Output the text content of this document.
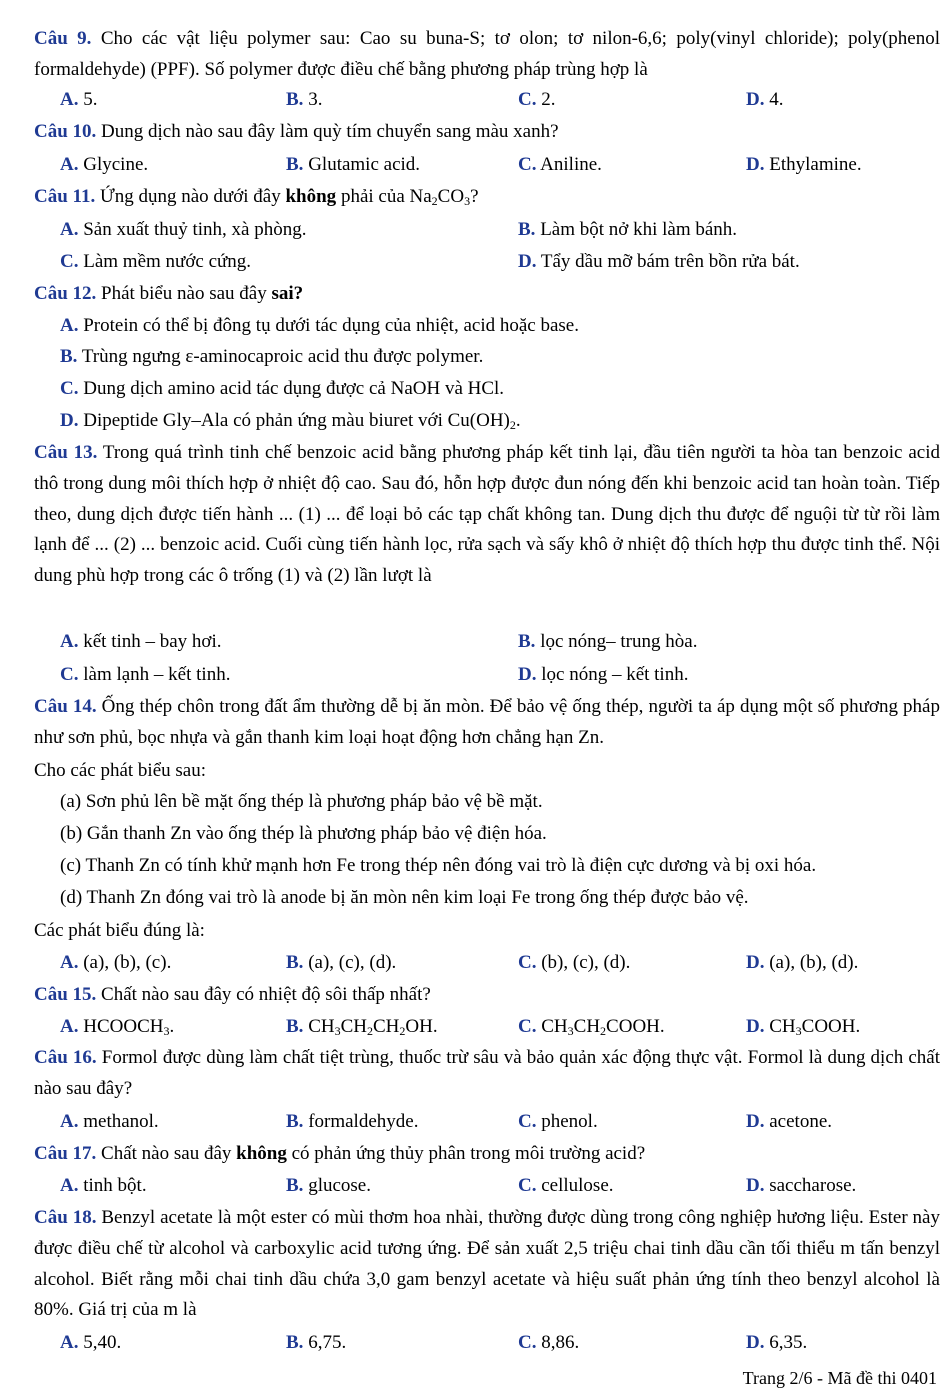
Câu 9. Cho các vật liệu polymer sau: Cao su buna-S; tơ olon; tơ nilon-6,6; poly(vinyl chloride); poly(phenol formaldehyde) (PPF). Số polymer được điều chế bằng phương pháp trùng hợp là
A. 5.	B. 3.	C. 2.	D. 4.
Câu 10. Dung dịch nào sau đây làm quỳ tím chuyển sang màu xanh?
A. Glycine.	B. Glutamic acid.	C. Aniline.	D. Ethylamine.
Câu 11. Ứng dụng nào dưới đây không phải của $Na_2CO_3$?
A. Sản xuất thuỷ tinh, xà phòng.	B. Làm bột nở khi làm bánh.
C. Làm mềm nước cứng.	D. Tẩy dầu mỡ bám trên bồn rửa bát.
Câu 12. Phát biểu nào sau đây sai?
A. Protein có thể bị đông tụ dưới tác dụng của nhiệt, acid hoặc base.
B. Trùng ngưng ε-aminocaproic acid thu được polymer.
C. Dung dịch amino acid tác dụng được cả NaOH và HCl.
D. Dipeptide Gly–Ala có phản ứng màu biuret với $Cu(OH)_2$.
Câu 13. Trong quá trình tinh chế benzoic acid bằng phương pháp kết tinh lại, đầu tiên người ta hòa tan benzoic acid thô trong dung môi thích hợp ở nhiệt độ cao. Sau đó, hỗn hợp được đun nóng đến khi benzoic acid tan hoàn toàn. Tiếp theo, dung dịch được tiến hành ... (1) ... để loại bỏ các tạp chất không tan. Dung dịch thu được để nguội từ từ rồi làm lạnh để ... (2) ... benzoic acid. Cuối cùng tiến hành lọc, rửa sạch và sấy khô ở nhiệt độ thích hợp thu được tinh thể. Nội dung phù hợp trong các ô trống (1) và (2) lần lượt là
A. kết tinh – bay hơi.	B. lọc nóng– trung hòa.
C. làm lạnh – kết tinh.	D. lọc nóng – kết tinh.
Câu 14. Ống thép chôn trong đất ẩm thường dễ bị ăn mòn. Để bảo vệ ống thép, người ta áp dụng một số phương pháp như sơn phủ, bọc nhựa và gắn thanh kim loại hoạt động hơn chẳng hạn Zn.
Cho các phát biểu sau:
(a) Sơn phủ lên bề mặt ống thép là phương pháp bảo vệ bề mặt.
(b) Gắn thanh Zn vào ống thép là phương pháp bảo vệ điện hóa.
(c) Thanh Zn có tính khử mạnh hơn Fe trong thép nên đóng vai trò là điện cực dương và bị oxi hóa.
(d) Thanh Zn đóng vai trò là anode bị ăn mòn nên kim loại Fe trong ống thép được bảo vệ.
Các phát biểu đúng là:
A. (a), (b), (c).	B. (a), (c), (d).	C. (b), (c), (d).	D. (a), (b), (d).
Câu 15. Chất nào sau đây có nhiệt độ sôi thấp nhất?
A. $HCOOCH_3$.	B. $CH_3CH_2CH_2OH$.	C. $CH_3CH_2COOH$.	D. $CH_3COOH$.
Câu 16. Formol được dùng làm chất tiệt trùng, thuốc trừ sâu và bảo quản xác động thực vật. Formol là dung dịch chất nào sau đây?
A. methanol.	B. formaldehyde.	C. phenol.	D. acetone.
Câu 17. Chất nào sau đây không có phản ứng thủy phân trong môi trường acid?
A. tinh bột.	B. glucose.	C. cellulose.	D. saccharose.
Câu 18. Benzyl acetate là một ester có mùi thơm hoa nhài, thường được dùng trong công nghiệp hương liệu. Ester này được điều chế từ alcohol và carboxylic acid tương ứng. Để sản xuất 2,5 triệu chai tinh dầu cần tối thiểu m tấn benzyl alcohol. Biết rằng mỗi chai tinh dầu chứa 3,0 gam benzyl acetate và hiệu suất phản ứng tính theo benzyl alcohol là 80%. Giá trị của m là
A. 5,40.	B. 6,75.	C. 8,86.	D. 6,35.
Trang 2/6 - Mã đề thi 0401
